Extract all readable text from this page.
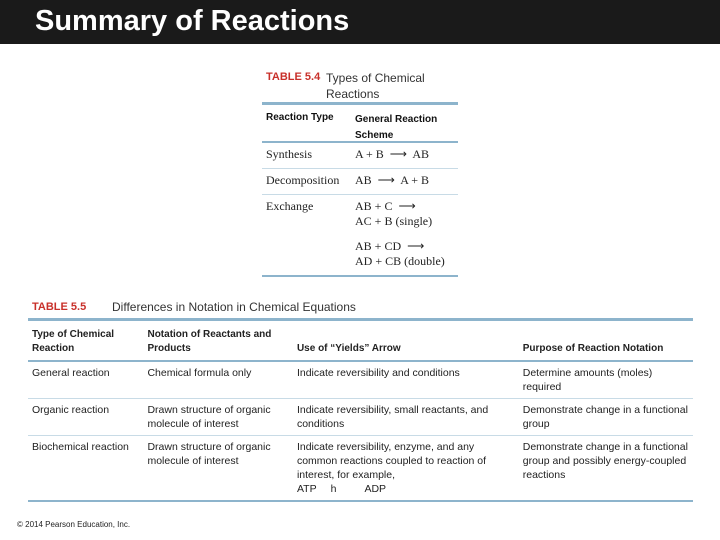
Summary of Reactions
TABLE 5.4 Types of Chemical Reactions
Reaction Type General Reaction Scheme
Synthesis	A + B  ⟶  AB
Decomposition AB  ⟶  A + B
Exchange	AB + C  ⟶
AC + B (single)
AB + CD  ⟶
AD + CB (double)
TABLE 5.5 Differences in Notation in Chemical Equations
Type of Chemical Reaction	Notation of Reactants and Products	Use of “Yields” Arrow	Purpose of Reaction Notation
General reaction	Chemical formula only	Indicate reversibility and conditions	Determine amounts (moles) required
Organic reaction	Drawn structure of organic molecule of interest	Indicate reversibility, small reactants, and conditions	Demonstrate change in a functional group
Biochemical reaction	Drawn structure of organic molecule of interest	Indicate reversibility, enzyme, and any common reactions coupled to reaction of interest, for example,
ATP h ADP	Demonstrate change in a functional group and possibly energy-coupled reactions
© 2014 Pearson Education, Inc.
